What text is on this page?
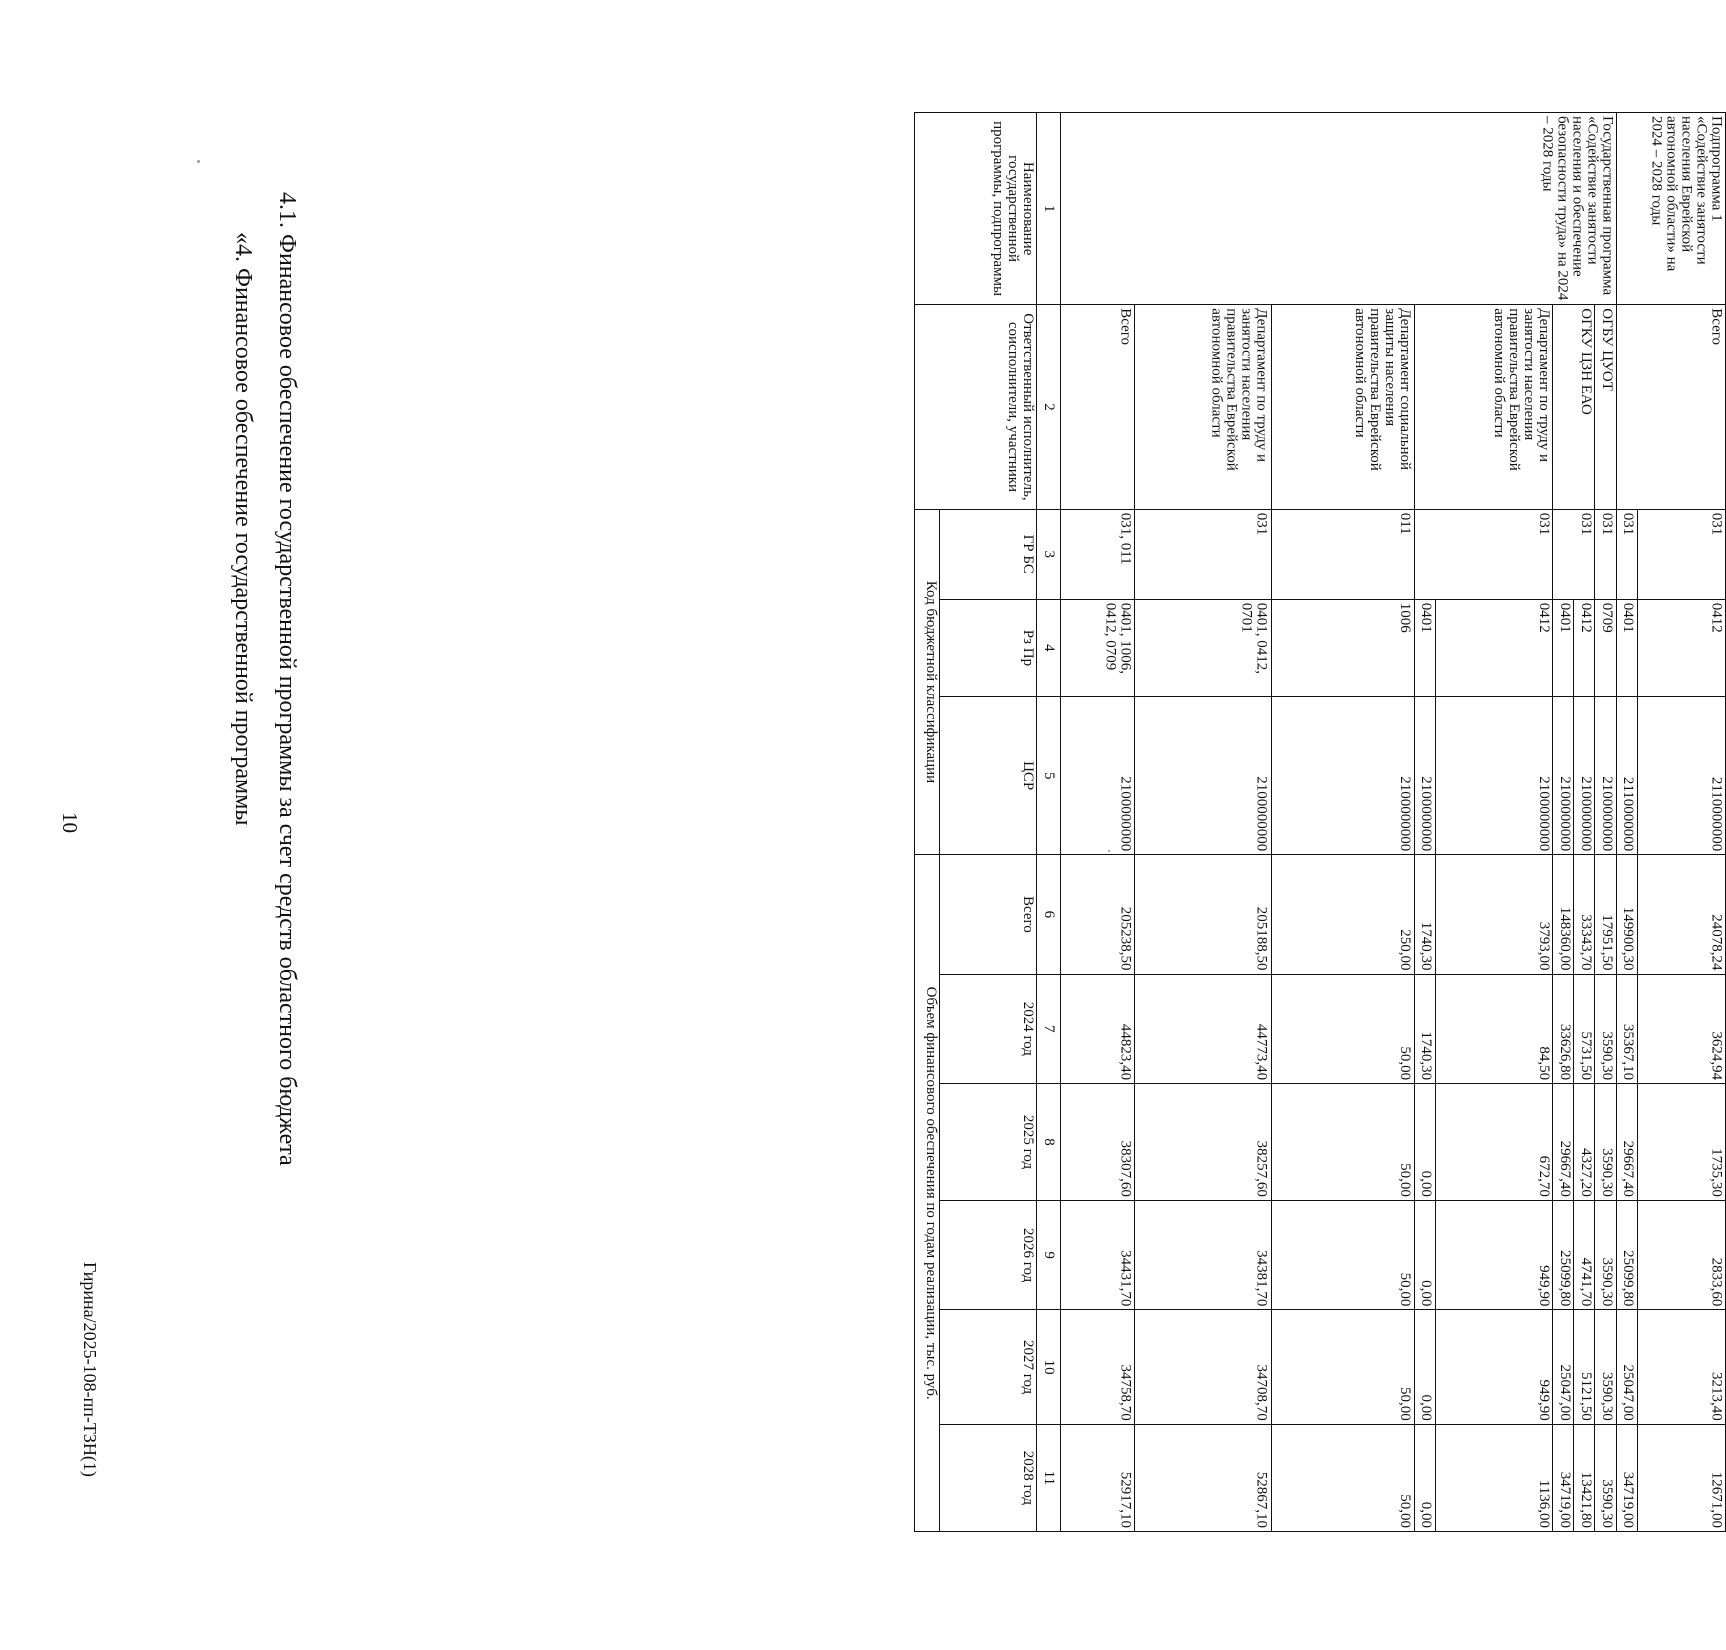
10	«4. Финансовое обеспечение государственной программы 4.1. Финансовое обеспечение государственной программы за счет средств областного бюджета	Наименование государственной программы, подпрограммы	Ответственный исполнитель, соисполнители, участники	Код бюджетной классификации			Объем финансового обеспечения по годам реализации, тыс. руб.					
		ГР БС	Рз Пр	ЦСР	Всего	2024 год	2025 год	2026 год	2027 год	2028 год
1	2	3	4	5	6	7	8	9	10	11
Государственная программа «Содействие занятости населения и обеспечение безопасности труда» на 2024 – 2028 годы	Всего	031, 011	0401, 1006, 0412, 0709	2100000000	205238,50	44823,40	38307,60	34431,70	34758,70	52917,10
	Департамент по труду и занятости населения правительства Еврейской автономной области	031	0401, 0412, 0701	2100000000	205188,50	44773,40	38257,60	34381,70	34708,70	52867,10
	Департамент социальной защиты населения правительства Еврейской автономной области	011	1006	2100000000	250,00	50,00	50,00	50,00	50,00	50,00
	Департамент по труду и занятости населения правительства Еврейской автономной области	031	0401	2100000000	1740,30	1740,30	0,00	0,00	0,00	0,00
			0412	2100000000	3793,00	84,50	672,70	949,90	949,90	1136,00
	ОГКУ ЦЗН ЕАО	031	0401	2100000000	148360,00	33626,80	29667,40	25099,80	25047,00	34719,00
			0412	2100000000	33343,70	5731,50	4327,20	4741,70	5121,50	13421,80
	ОГБУ ЦУОТ	031	0709	2100000000	17951,50	3590,30	3590,30	3590,30	3590,30	3590,30
Подпрограмма 1 «Содействие занятости населения Еврейской автономной области» на 2024 – 2028 годы	Всего	031	0401	2110000000	149900,30	35367,10	29667,40	25099,80	25047,00	34719,00
		031	0412	2110000000	24078,24	3624,94	1735,30	2833,60	3213,40	12671,00
Гирина/2025-108-пп-ТЗН(1)
